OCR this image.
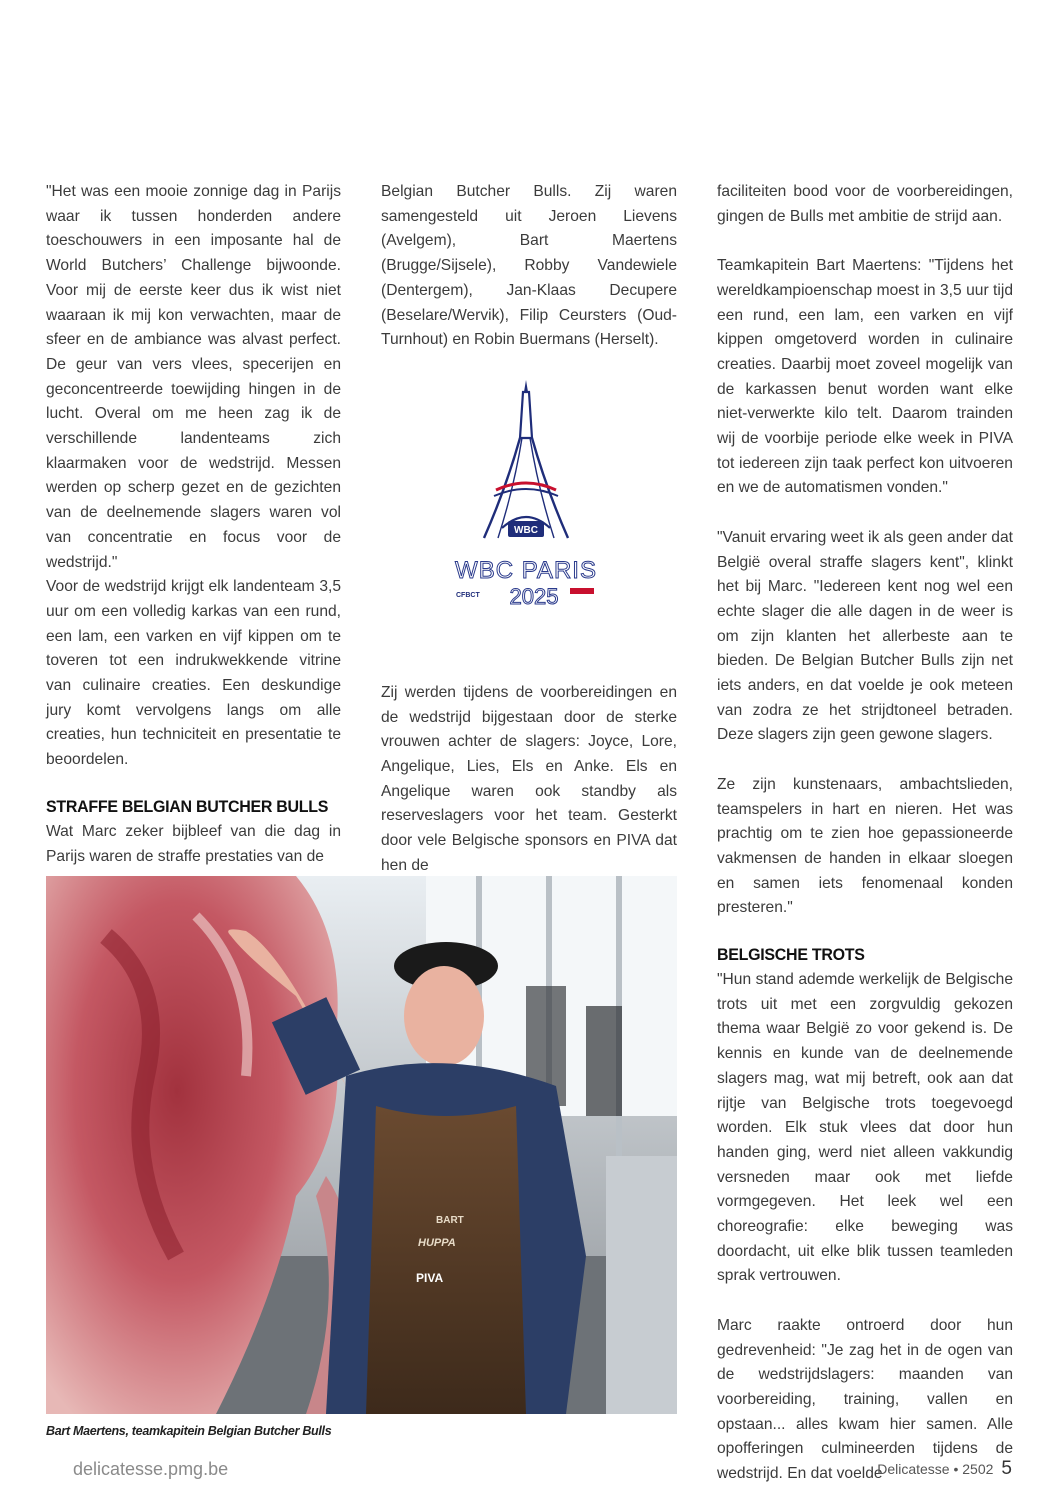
"Het was een mooie zonnige dag in Parijs waar ik tussen honderden andere toeschouwers in een imposante hal de World Butchers’ Challenge bijwoonde. Voor mij de eerste keer dus ik wist niet waaraan ik mij kon verwachten, maar de sfeer en de ambiance was alvast perfect. De geur van vers vlees, specerijen en geconcentreerde toewijding hingen in de lucht. Overal om me heen zag ik de verschillende landenteams zich klaarmaken voor de wedstrijd. Messen werden op scherp gezet en de gezichten van de deelnemende slagers waren vol van concentratie en focus voor de wedstrijd."

Voor de wedstrijd krijgt elk landenteam 3,5 uur om een volledig karkas van een rund, een lam, een varken en vijf kippen om te toveren tot een indrukwekkende vitrine van culinaire creaties. Een deskundige jury komt vervolgens langs om alle creaties, hun techniciteit en presentatie te beoordelen.

STRAFFE BELGIAN BUTCHER BULLS

Wat Marc zeker bijbleef van die dag in Parijs waren de straffe prestaties van de

Belgian Butcher Bulls. Zij waren samengesteld uit Jeroen Lievens (Avelgem), Bart Maertens (Brugge/Sijsele), Robby Vandewiele (Dentergem), Jan-Klaas Decupere (Beselare/Wervik), Filip Ceursters (Oud-Turnhout) en Robin Buermans (Herselt).

Zij werden tijdens de voorbereidingen en de wedstrijd bijgestaan door de sterke vrouwen achter de slagers: Joyce, Lore, Angelique, Lies, Els en Anke. Els en Angelique waren ook standby als reserveslagers voor het team. Gesterkt door vele Belgische sponsors en PIVA dat hen de

WBC
WBC PARIS
2025
CFBCT

faciliteiten bood voor de voorbereidingen, gingen de Bulls met ambitie de strijd aan.

Teamkapitein Bart Maertens: "Tijdens het wereldkampioenschap moest in 3,5 uur tijd een rund, een lam, een varken en vijf kippen omgetoverd worden in culinaire creaties. Daarbij moet zoveel mogelijk van de karkassen benut worden want elke niet-verwerkte kilo telt. Daarom trainden wij de voorbije periode elke week in PIVA tot iedereen zijn taak perfect kon uitvoeren en we de automatismen vonden."

"Vanuit ervaring weet ik als geen ander dat België overal straffe slagers kent", klinkt het bij Marc. "Iedereen kent nog wel een echte slager die alle dagen in de weer is om zijn klanten het allerbeste aan te bieden. De Belgian Butcher Bulls zijn net iets anders, en dat voelde je ook meteen van zodra ze het strijdtoneel betraden. Deze slagers zijn geen gewone slagers.

Ze zijn kunstenaars, ambachtslieden, teamspelers in hart en nieren. Het was prachtig om te zien hoe gepassioneerde vakmensen de handen in elkaar sloegen en samen iets fenomenaal konden presteren."

BELGISCHE TROTS

"Hun stand ademde werkelijk de Belgische trots uit met een zorgvuldig gekozen thema waar België zo voor gekend is. De kennis en kunde van de deelnemende slagers mag, wat mij betreft, ook aan dat rijtje van Belgische trots toegevoegd worden. Elk stuk vlees dat door hun handen ging, werd niet alleen vakkundig versneden maar ook met liefde vormgegeven. Het leek wel een choreografie: elke beweging was doordacht, uit elke blik tussen teamleden sprak vertrouwen.

Marc raakte ontroerd door hun gedrevenheid: "Je zag het in de ogen van de wedstrijdslagers: maanden van voorbereiding, training, vallen en opstaan... alles kwam hier samen. Alle opofferingen culmineerden tijdens de wedstrijd. En dat voelde

BART
HUPPA
PIVA
Bart Maertens, teamkapitein Belgian Butcher Bulls
delicatesse.pmg.be	Delicatesse • 2502 5
